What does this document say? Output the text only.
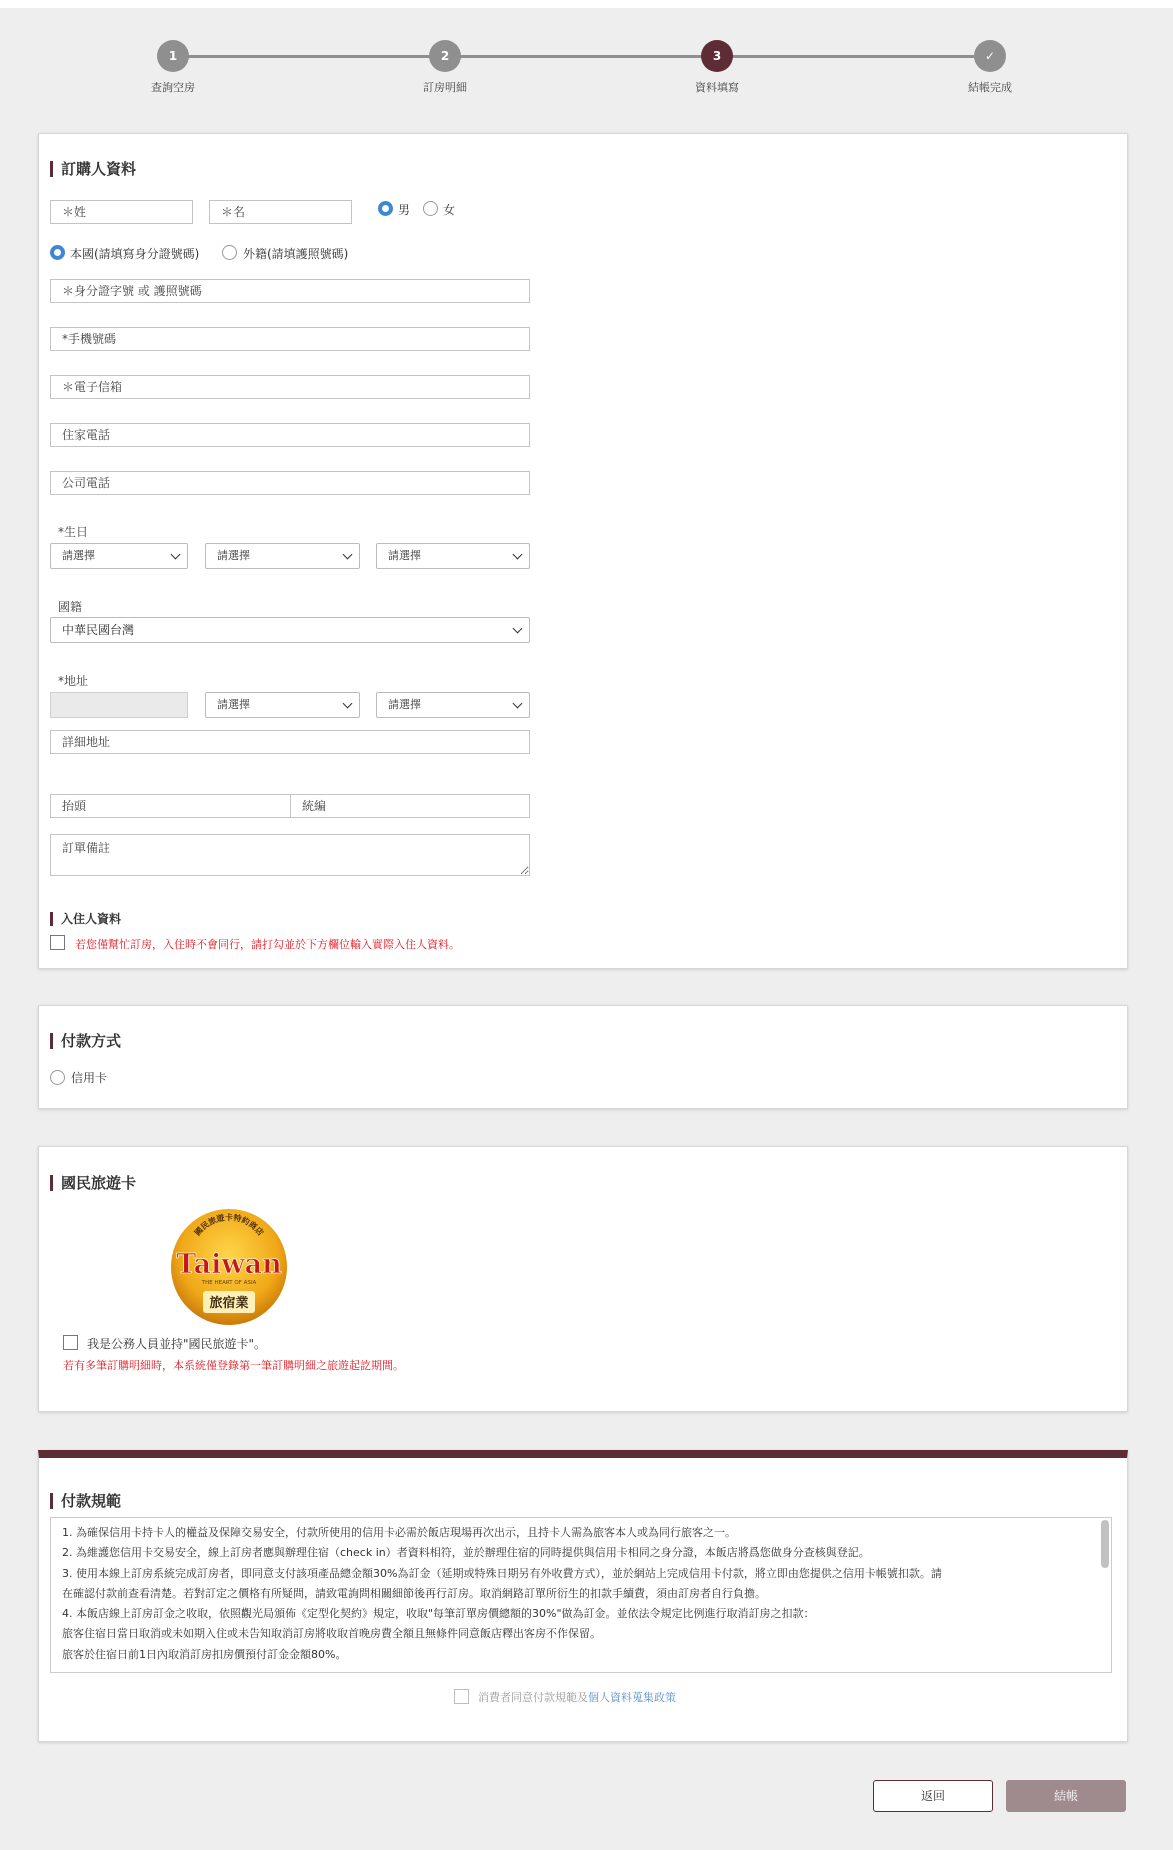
1
查詢空房
2
訂房明細
3
資料填寫
✓
結帳完成
訂購人資料
＊姓
＊名
男	女
本國(請填寫身分證號碼)	外籍(請填護照號碼)
＊身分證字號 或 護照號碼
*手機號碼
＊電子信箱
住家電話
公司電話
*生日
請選擇	請選擇	請選擇
國籍
中華民國台灣
*地址
請選擇	請選擇
詳細地址
抬頭
統編
訂單備註
入住人資料
若您僅幫忙訂房，入住時不會同行，請打勾並於下方欄位輸入實際入住人資料。
付款方式
信用卡
國民旅遊卡
國民旅遊卡特約商店
Taiwan
THE HEART OF ASIA
旅宿業
我是公務人員並持"國民旅遊卡"。
若有多筆訂購明細時，本系統僅登錄第一筆訂購明細之旅遊起訖期間。
付款規範

1. 為確保信用卡持卡人的權益及保障交易安全，付款所使用的信用卡必需於飯店現場再次出示，且持卡人需為旅客本人或為同行旅客之一。

2. 為維護您信用卡交易安全，線上訂房者應與辦理住宿（check in）者資料相符，並於辦理住宿的同時提供與信用卡相同之身分證，本飯店將爲您做身分查核與登記。

3. 使用本線上訂房系統完成訂房者，即同意支付該項產品總金額30%為訂金（延期或特殊日期另有外收費方式），並於網站上完成信用卡付款，將立即由您提供之信用卡帳號扣款。請

在確認付款前查看清楚。若對訂定之價格有所疑問，請致電詢問相關細節後再行訂房。取消網路訂單所衍生的扣款手續費，須由訂房者自行負擔。

4. 本飯店線上訂房訂金之收取，依照觀光局頒佈《定型化契約》規定，收取"每筆訂單房價總額的30%"做為訂金。並依法令規定比例進行取消訂房之扣款：

旅客住宿日當日取消或未如期入住或未告知取消訂房將收取首晚房費全額且無條件同意飯店釋出客房不作保留。

旅客於住宿日前1日內取消訂房扣房價預付訂金金額80%。

消費者同意付款規範及個人資料蒐集政策
返回	結帳
